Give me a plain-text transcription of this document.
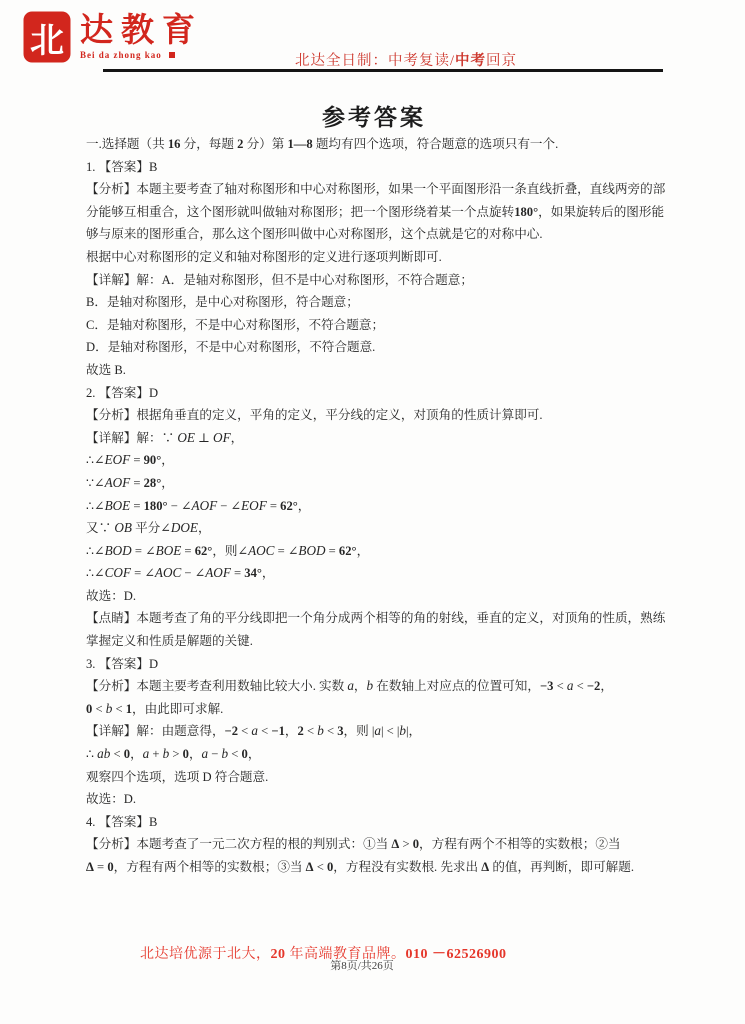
北 达教育
Bei da zhong kao	北达全日制：中考复读/中考回京
参考答案
一.选择题（共 16 分，每题 2 分）第 1—8 题均有四个选项，符合题意的选项只有一个.
1. 【答案】B
【分析】本题主要考查了轴对称图形和中心对称图形，如果一个平面图形沿一条直线折叠，直线两旁的部
分能够互相重合，这个图形就叫做轴对称图形；把一个图形绕着某一个点旋转180°，如果旋转后的图形能
够与原来的图形重合，那么这个图形叫做中心对称图形，这个点就是它的对称中心.
根据中心对称图形的定义和轴对称图形的定义进行逐项判断即可.
【详解】解：A．是轴对称图形，但不是中心对称图形，不符合题意；
B．是轴对称图形，是中心对称图形，符合题意；
C．是轴对称图形，不是中心对称图形，不符合题意；
D．是轴对称图形，不是中心对称图形，不符合题意.
故选 B.
2. 【答案】D
【分析】根据角垂直的定义，平角的定义，平分线的定义，对顶角的性质计算即可.
【详解】解：∵ OE ⊥ OF，
∴∠EOF = 90°，
∵∠AOF = 28°，
∴∠BOE = 180° − ∠AOF − ∠EOF = 62°，
又∵ OB 平分∠DOE，
∴∠BOD = ∠BOE = 62°，则∠AOC = ∠BOD = 62°，
∴∠COF = ∠AOC − ∠AOF = 34°，
故选：D.
【点睛】本题考查了角的平分线即把一个角分成两个相等的角的射线，垂直的定义，对顶角的性质，熟练
掌握定义和性质是解题的关键.
3. 【答案】D
【分析】本题主要考查利用数轴比较大小. 实数 a，b 在数轴上对应点的位置可知，−3 < a < −2，
0 < b < 1，由此即可求解.
【详解】解：由题意得，−2 < a < −1，2 < b < 3，则 |a| < |b|，
∴ ab < 0，a + b > 0，a − b < 0，
观察四个选项，选项 D 符合题意.
故选：D.
4. 【答案】B
【分析】本题考查了一元二次方程的根的判别式：①当 Δ > 0，方程有两个不相等的实数根；②当
Δ = 0，方程有两个相等的实数根；③当 Δ < 0，方程没有实数根. 先求出 Δ 的值，再判断，即可解题.
北达培优源于北大，20 年高端教育品牌。010 －62526900
第8页/共26页
